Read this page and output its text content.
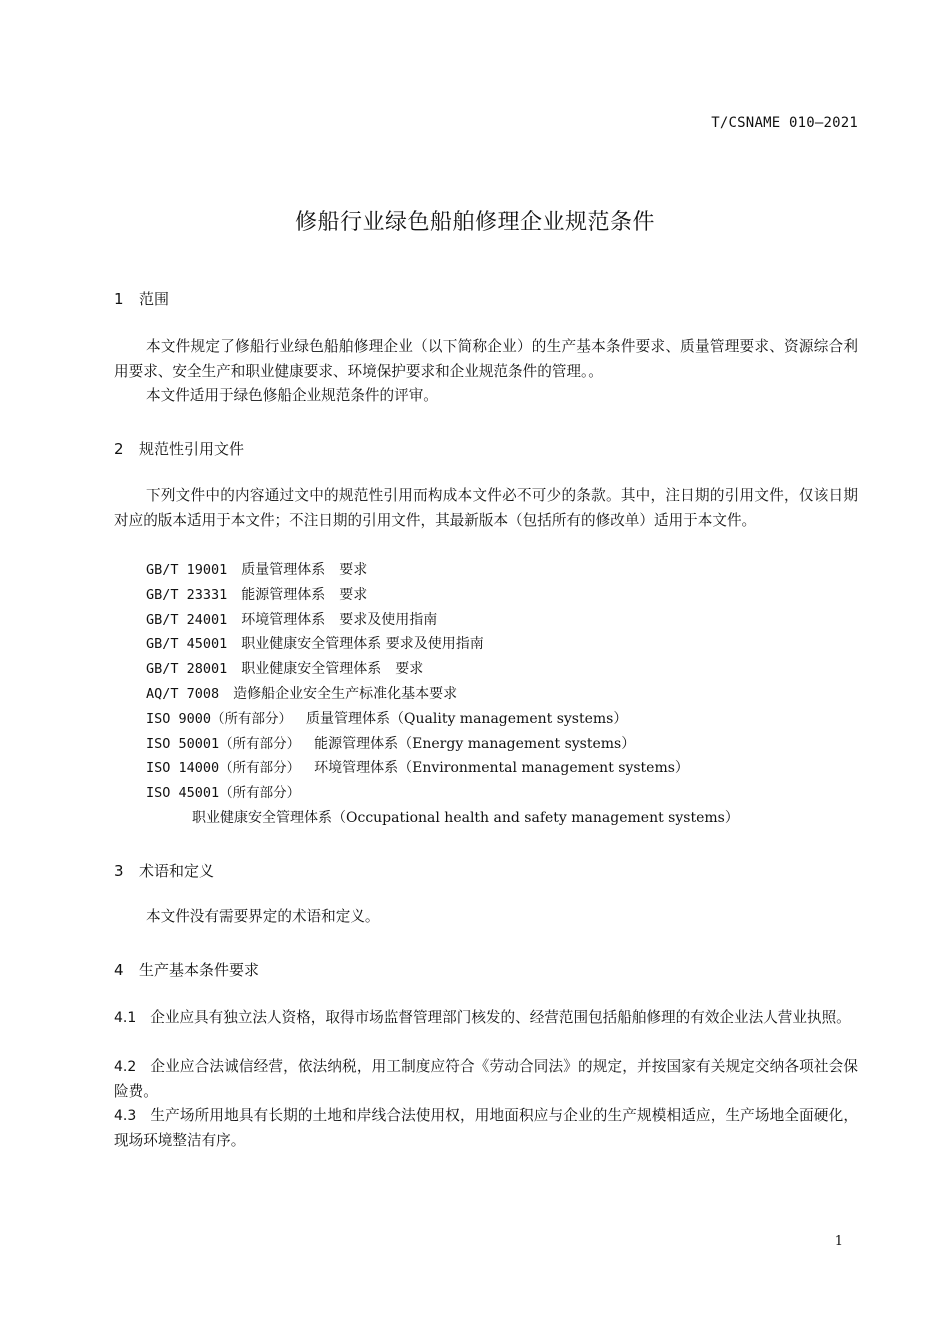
T/CSNAME 010—2021
修船行业绿色船舶修理企业规范条件
1 范围
本文件规定了修船行业绿色船舶修理企业（以下简称企业）的生产基本条件要求、质量管理要求、资源综合利用要求、安全生产和职业健康要求、环境保护要求和企业规范条件的管理。。
本文件适用于绿色修船企业规范条件的评审。
2 规范性引用文件
下列文件中的内容通过文中的规范性引用而构成本文件必不可少的条款。其中，注日期的引用文件，仅该日期对应的版本适用于本文件；不注日期的引用文件，其最新版本（包括所有的修改单）适用于本文件。
GB/T 19001 质量管理体系　要求
GB/T 23331 能源管理体系　要求
GB/T 24001 环境管理体系　要求及使用指南
GB/T 45001 职业健康安全管理体系 要求及使用指南
GB/T 28001 职业健康安全管理体系　要求
AQ/T 7008 造修船企业安全生产标准化基本要求
ISO 9000（所有部分） 质量管理体系（Quality management systems）
ISO 50001（所有部分） 能源管理体系（Energy management systems）
ISO 14000（所有部分） 环境管理体系（Environmental management systems）
ISO 45001（所有部分）职业健康安全管理体系（Occupational health and safety management systems）
3 术语和定义
本文件没有需要界定的术语和定义。
4 生产基本条件要求
4.1 企业应具有独立法人资格，取得市场监督管理部门核发的、经营范围包括船舶修理的有效企业法人营业执照。
4.2 企业应合法诚信经营，依法纳税，用工制度应符合《劳动合同法》的规定，并按国家有关规定交纳各项社会保险费。
4.3 生产场所用地具有长期的土地和岸线合法使用权，用地面积应与企业的生产规模相适应，生产场地全面硬化，现场环境整洁有序。
1
